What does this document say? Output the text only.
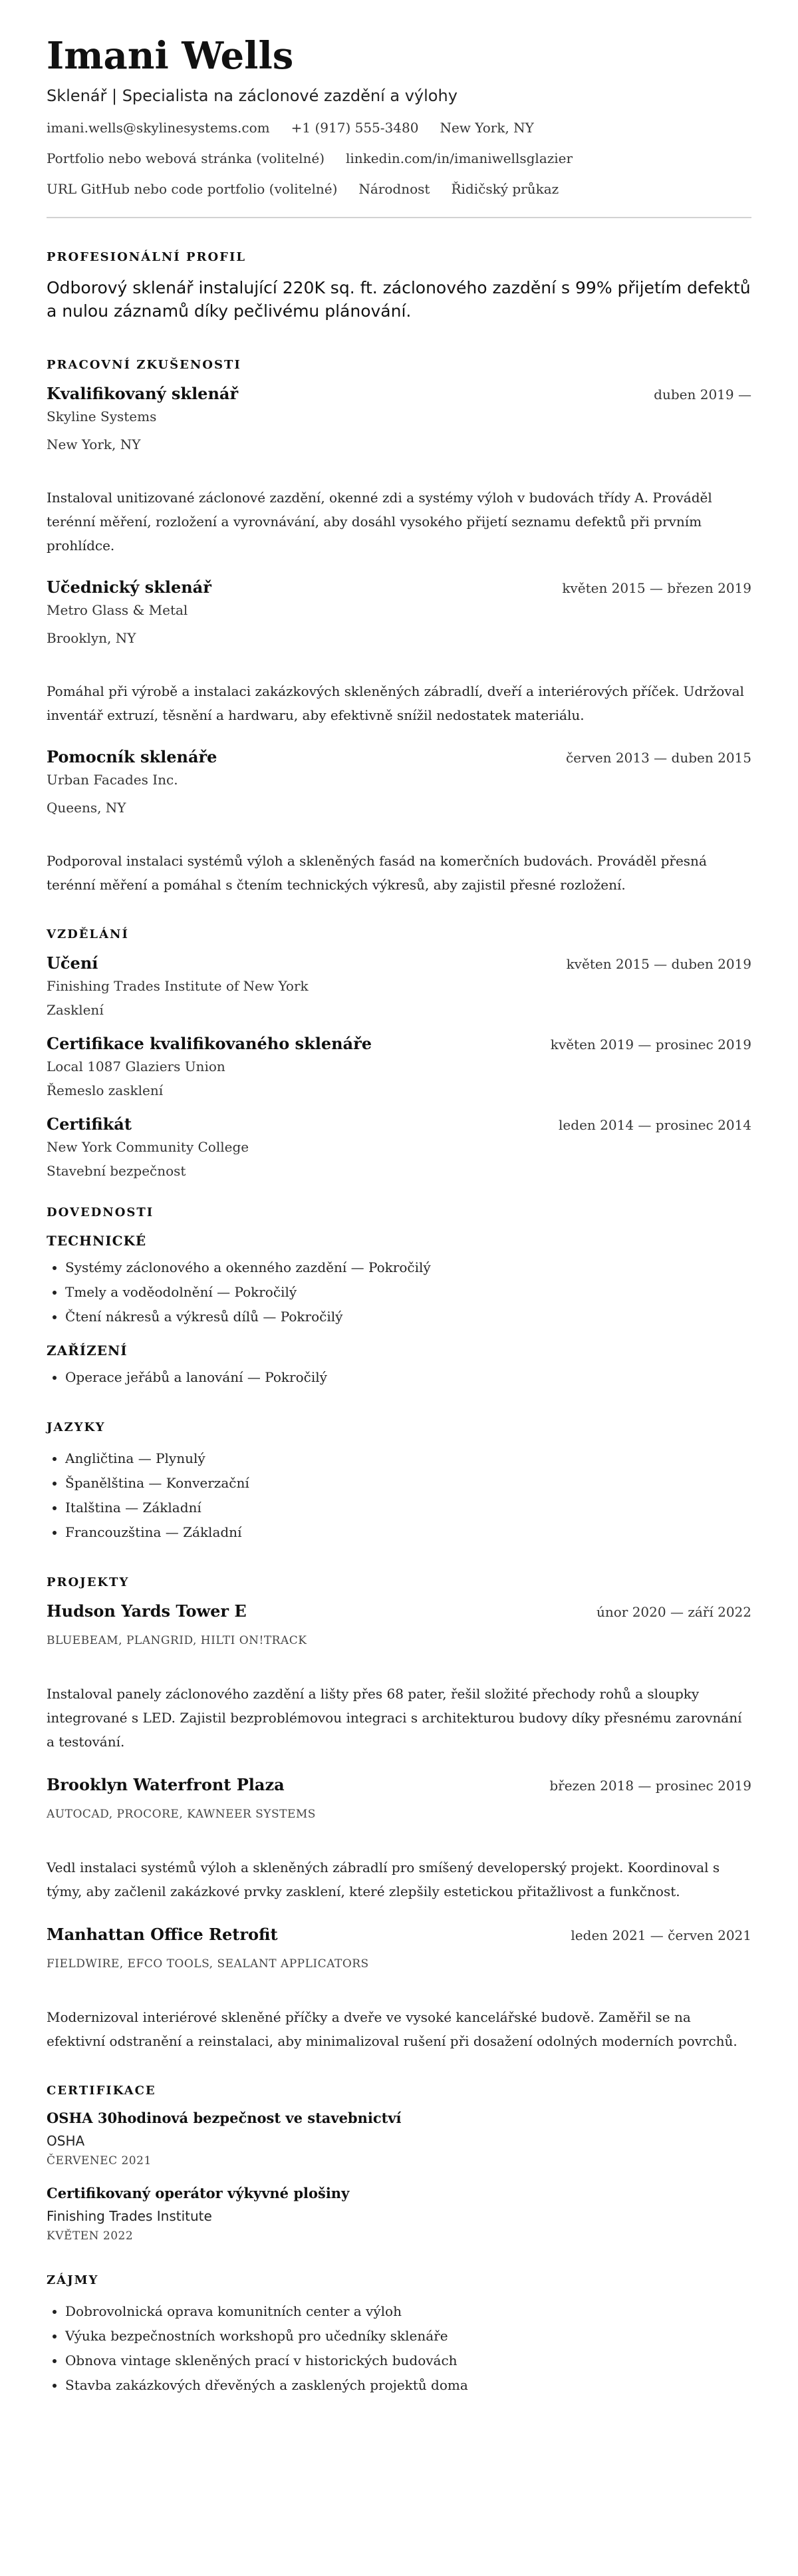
Imani Wells
Sklenář | Specialista na záclonové zazdění a výlohy
imani.wells@skylinesystems.com +1 (917) 555-3480 New York, NY
Portfolio nebo webová stránka (volitelné) linkedin.com/in/imaniwellsglazier
URL GitHub nebo code portfolio (volitelné) Národnost Řidičský průkaz
PROFESIONÁLNÍ PROFIL
Odborový sklenář instalující 220K sq. ft. záclonového zazdění s 99% přijetím defektů a nulou záznamů díky pečlivému plánování.
PRACOVNÍ ZKUŠENOSTI
Kvalifikovaný sklenář	duben 2019 —
Skyline Systems
New York, NY
Instaloval unitizované záclonové zazdění, okenné zdi a systémy výloh v budovách třídy A. Prováděl terénní měření, rozložení a vyrovnávání, aby dosáhl vysokého přijetí seznamu defektů při prvním prohlídce.
Učednický sklenář	květen 2015 — březen 2019
Metro Glass & Metal
Brooklyn, NY
Pomáhal při výrobě a instalaci zakázkových skleněných zábradlí, dveří a interiérových příček. Udržoval inventář extruzí, těsnění a hardwaru, aby efektivně snížil nedostatek materiálu.
Pomocník sklenáře	červen 2013 — duben 2015
Urban Facades Inc.
Queens, NY
Podporoval instalaci systémů výloh a skleněných fasád na komerčních budovách. Prováděl přesná terénní měření a pomáhal s čtením technických výkresů, aby zajistil přesné rozložení.
VZDĚLÁNÍ
Učení	květen 2015 — duben 2019
Finishing Trades Institute of New York
Zasklení
Certifikace kvalifikovaného sklenáře	květen 2019 — prosinec 2019
Local 1087 Glaziers Union
Řemeslo zasklení
Certifikát	leden 2014 — prosinec 2014
New York Community College
Stavební bezpečnost
DOVEDNOSTI
TECHNICKÉ
• Systémy záclonového a okenného zazdění — Pokročilý
• Tmely a voděodolnění — Pokročilý
• Čtení nákresů a výkresů dílů — Pokročilý
ZAŘÍZENÍ
• Operace jeřábů a lanování — Pokročilý
JAZYKY
• Angličtina — Plynulý
• Španělština — Konverzační
• Italština — Základní
• Francouzština — Základní
PROJEKTY
Hudson Yards Tower E	únor 2020 — září 2022
BLUEBEAM, PLANGRID, HILTI ON!TRACK
Instaloval panely záclonového zazdění a lišty přes 68 pater, řešil složité přechody rohů a sloupky integrované s LED. Zajistil bezproblémovou integraci s architekturou budovy díky přesnému zarovnání a testování.
Brooklyn Waterfront Plaza	březen 2018 — prosinec 2019
AUTOCAD, PROCORE, KAWNEER SYSTEMS
Vedl instalaci systémů výloh a skleněných zábradlí pro smíšený developerský projekt. Koordinoval s týmy, aby začlenil zakázkové prvky zasklení, které zlepšily estetickou přitažlivost a funkčnost.
Manhattan Office Retrofit	leden 2021 — červen 2021
FIELDWIRE, EFCO TOOLS, SEALANT APPLICATORS
Modernizoval interiérové skleněné příčky a dveře ve vysoké kancelářské budově. Zaměřil se na efektivní odstranění a reinstalaci, aby minimalizoval rušení při dosažení odolných moderních povrchů.
CERTIFIKACE
OSHA 30hodinová bezpečnost ve stavebnictví
OSHA
ČERVENEC 2021
Certifikovaný operátor výkyvné plošiny
Finishing Trades Institute
KVĚTEN 2022
ZÁJMY
• Dobrovolnická oprava komunitních center a výloh
• Výuka bezpečnostních workshopů pro učedníky sklenáře
• Obnova vintage skleněných prací v historických budovách
• Stavba zakázkových dřevěných a zasklených projektů doma
